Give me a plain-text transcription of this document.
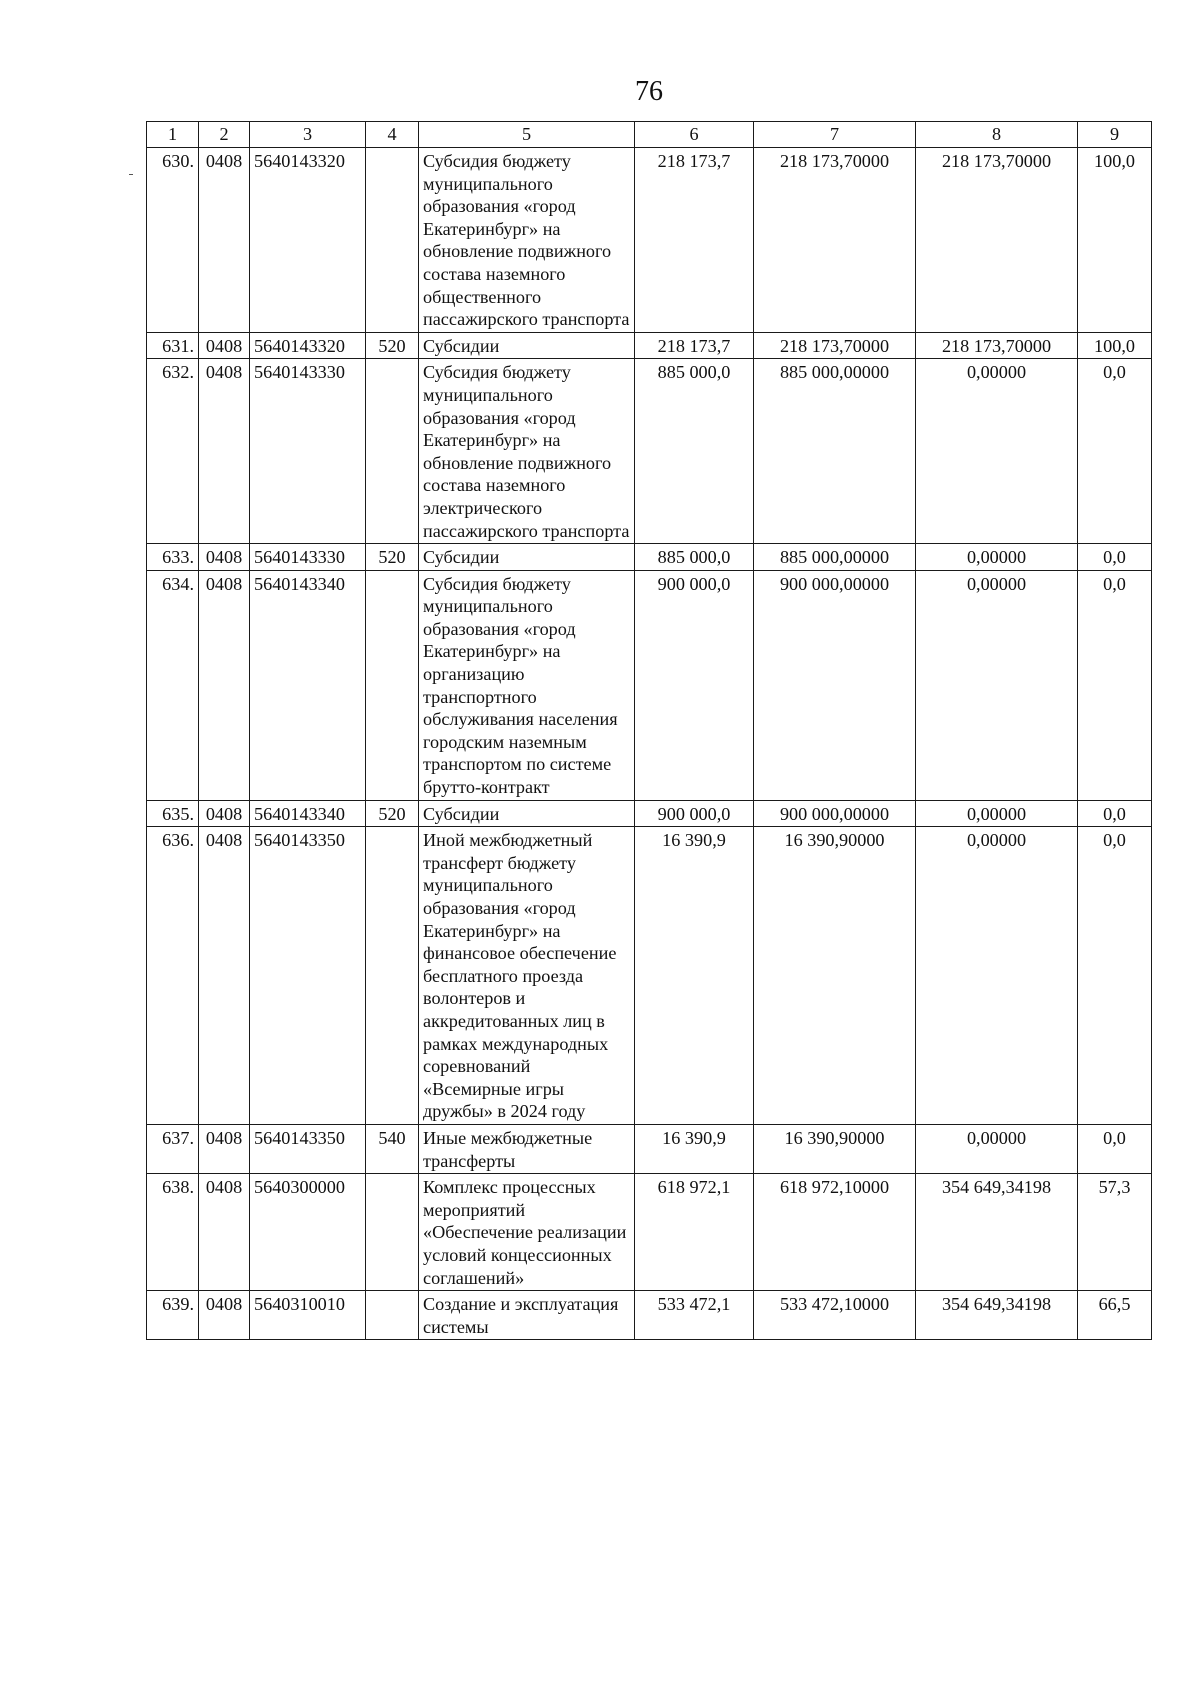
76
1	2	3	4	5	6	7	8	9
630.	0408	5640143320		Субсидия бюджету муниципального образования «город Екатеринбург» на обновление подвижного состава наземного общественного пассажирского транспорта	218 173,7	218 173,70000	218 173,70000	100,0
631.	0408	5640143320	520	Субсидии	218 173,7	218 173,70000	218 173,70000	100,0
632.	0408	5640143330		Субсидия бюджету муниципального образования «город Екатеринбург» на обновление подвижного состава наземного электрического пассажирского транспорта	885 000,0	885 000,00000	0,00000	0,0
633.	0408	5640143330	520	Субсидии	885 000,0	885 000,00000	0,00000	0,0
634.	0408	5640143340		Субсидия бюджету муниципального образования «город Екатеринбург» на организацию транспортного обслуживания населения городским наземным транспортом по системе брутто-контракт	900 000,0	900 000,00000	0,00000	0,0
635.	0408	5640143340	520	Субсидии	900 000,0	900 000,00000	0,00000	0,0
636.	0408	5640143350		Иной межбюджетный трансферт бюджету муниципального образования «город Екатеринбург» на финансовое обеспечение бесплатного проезда волонтеров и аккредитованных лиц в рамках международных соревнований «Всемирные игры дружбы» в 2024 году	16 390,9	16 390,90000	0,00000	0,0
637.	0408	5640143350	540	Иные межбюджетные трансферты	16 390,9	16 390,90000	0,00000	0,0
638.	0408	5640300000		Комплекс процессных мероприятий «Обеспечение реализации условий концессионных соглашений»	618 972,1	618 972,10000	354 649,34198	57,3
639.	0408	5640310010		Создание и эксплуатация системы	533 472,1	533 472,10000	354 649,34198	66,5
